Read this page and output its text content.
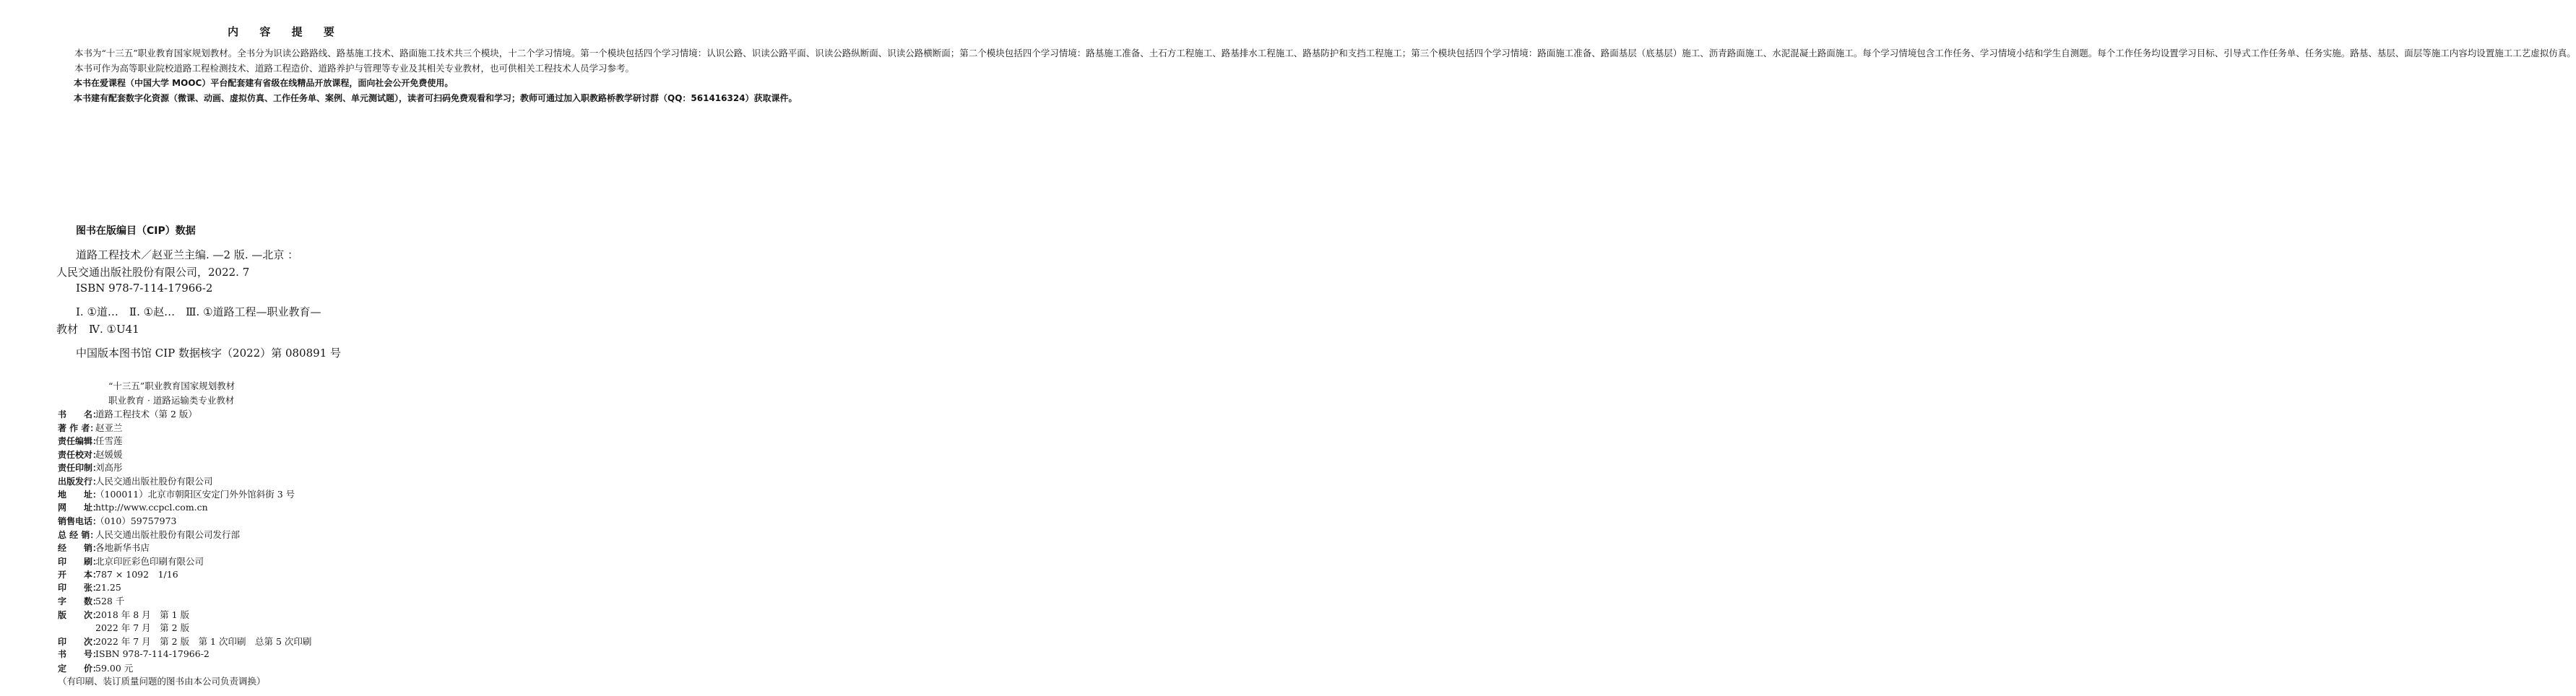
内 容 提 要

本书为“十三五”职业教育国家规划教材。全书分为识读公路路线、路基施工技术、路面施工技术共三个模块，十二个学习情境。第一个模块包括四个学习情境：认识公路、识读公路平面、识读公路纵断面、识读公路横断面；第二个模块包括四个学习情境：路基施工准备、土石方工程施工、路基排水工程施工、路基防护和支挡工程施工；第三个模块包括四个学习情境：路面施工准备、路面基层（底基层）施工、沥青路面施工、水泥混凝土路面施工。每个学习情境包含工作任务、学习情境小结和学生自测题。每个工作任务均设置学习目标、引导式工作任务单、任务实施。路基、基层、面层等施工内容均设置施工工艺虚拟仿真。

本书可作为高等职业院校道路工程检测技术、道路工程造价、道路养护与管理等专业及其相关专业教材，也可供相关工程技术人员学习参考。

本书在爱课程（中国大学 MOOC）平台配套建有省级在线精品开放课程，面向社会公开免费使用。

本书建有配套数字化资源（微课、动画、虚拟仿真、工作任务单、案例、单元测试题），读者可扫码免费观看和学习；教师可通过加入职教路桥教学研讨群（QQ：561416324）获取课件。

图书在版编目（CIP）数据
道路工程技术／赵亚兰主编. —2 版. —北京 ：
人民交通出版社股份有限公司，2022. 7
ISBN 978-7-114-17966-2
Ⅰ. ①道…　Ⅱ. ①赵…　Ⅲ. ①道路工程—职业教育—
教材　Ⅳ. ①U41
中国版本图书馆 CIP 数据核字（2022）第 080891 号
“十三五”职业教育国家规划教材
职业教育 · 道路运输类专业教材
书　　名：道路工程技术（第 2 版）
著 作 者：赵亚兰
责任编辑：任雪莲
责任校对：赵媛媛
责任印制：刘高彤
出版发行：人民交通出版社股份有限公司
地　　址：（100011）北京市朝阳区安定门外外馆斜街 3 号
网　　址：http://www.ccpcl.com.cn
销售电话：（010）59757973
总 经 销：人民交通出版社股份有限公司发行部
经　　销：各地新华书店
印　　刷：北京印匠彩色印刷有限公司
开　　本：787 × 1092　1/16
印　　张：21.25
字　　数：528 千
版　　次：2018 年 8 月　第 1 版
2022 年 7 月　第 2 版
印　　次：2022 年 7 月　第 2 版　第 1 次印刷　总第 5 次印刷
书　　号：ISBN 978-7-114-17966-2
定　　价：59.00 元
（有印刷、装订质量问题的图书由本公司负责调换）
